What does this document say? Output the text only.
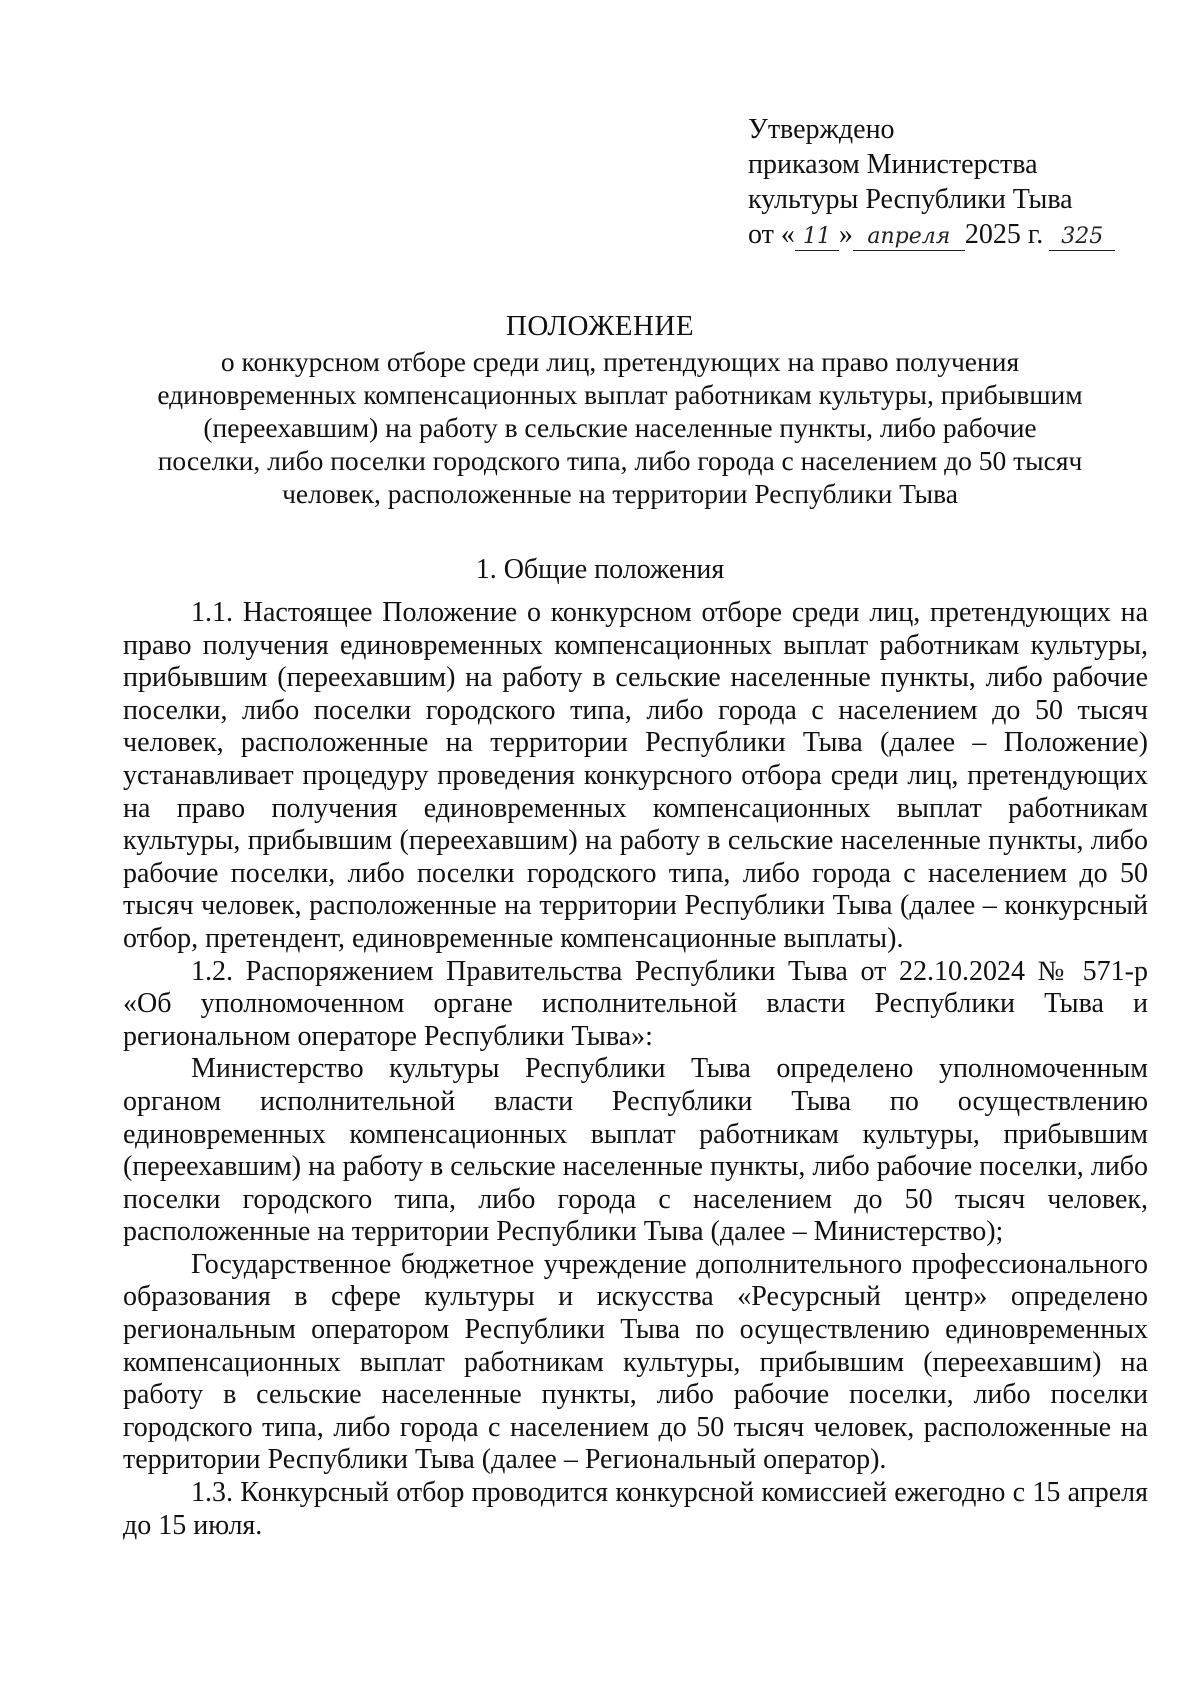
Утверждено
приказом Министерства
культуры Республики Тыва
от « 11 » апреля 2025 г. 325
ПОЛОЖЕНИЕ
о конкурсном отборе среди лиц, претендующих на право получения единовременных компенсационных выплат работникам культуры, прибывшим (переехавшим) на работу в сельские населенные пункты, либо рабочие поселки, либо поселки городского типа, либо города с населением до 50 тысяч человек, расположенные на территории Республики Тыва
1. Общие положения

1.1. Настоящее Положение о конкурсном отборе среди лиц, претендующих на право получения единовременных компенсационных выплат работникам культуры, прибывшим (переехавшим) на работу в сельские населенные пункты, либо рабочие поселки, либо поселки городского типа, либо города с населением до 50 тысяч человек, расположенные на территории Республики Тыва (далее – Положение) устанавливает процедуру проведения конкурсного отбора среди лиц, претендующих на право получения единовременных компенсационных выплат работникам культуры, прибывшим (переехавшим) на работу в сельские населенные пункты, либо рабочие поселки, либо поселки городского типа, либо города с населением до 50 тысяч человек, расположенные на территории Республики Тыва (далее – конкурсный отбор, претендент, единовременные компенсационные выплаты).

1.2. Распоряжением Правительства Республики Тыва от 22.10.2024 № 571-р «Об уполномоченном органе исполнительной власти Республики Тыва и региональном операторе Республики Тыва»:

Министерство культуры Республики Тыва определено уполномоченным органом исполнительной власти Республики Тыва по осуществлению единовременных компенсационных выплат работникам культуры, прибывшим (переехавшим) на работу в сельские населенные пункты, либо рабочие поселки, либо поселки городского типа, либо города с населением до 50 тысяч человек, расположенные на территории Республики Тыва (далее – Министерство);

Государственное бюджетное учреждение дополнительного профессионального образования в сфере культуры и искусства «Ресурсный центр» определено региональным оператором Республики Тыва по осуществлению единовременных компенсационных выплат работникам культуры, прибывшим (переехавшим) на работу в сельские населенные пункты, либо рабочие поселки, либо поселки городского типа, либо города с населением до 50 тысяч человек, расположенные на территории Республики Тыва (далее – Региональный оператор).

1.3. Конкурсный отбор проводится конкурсной комиссией ежегодно с 15 апреля до 15 июля.
